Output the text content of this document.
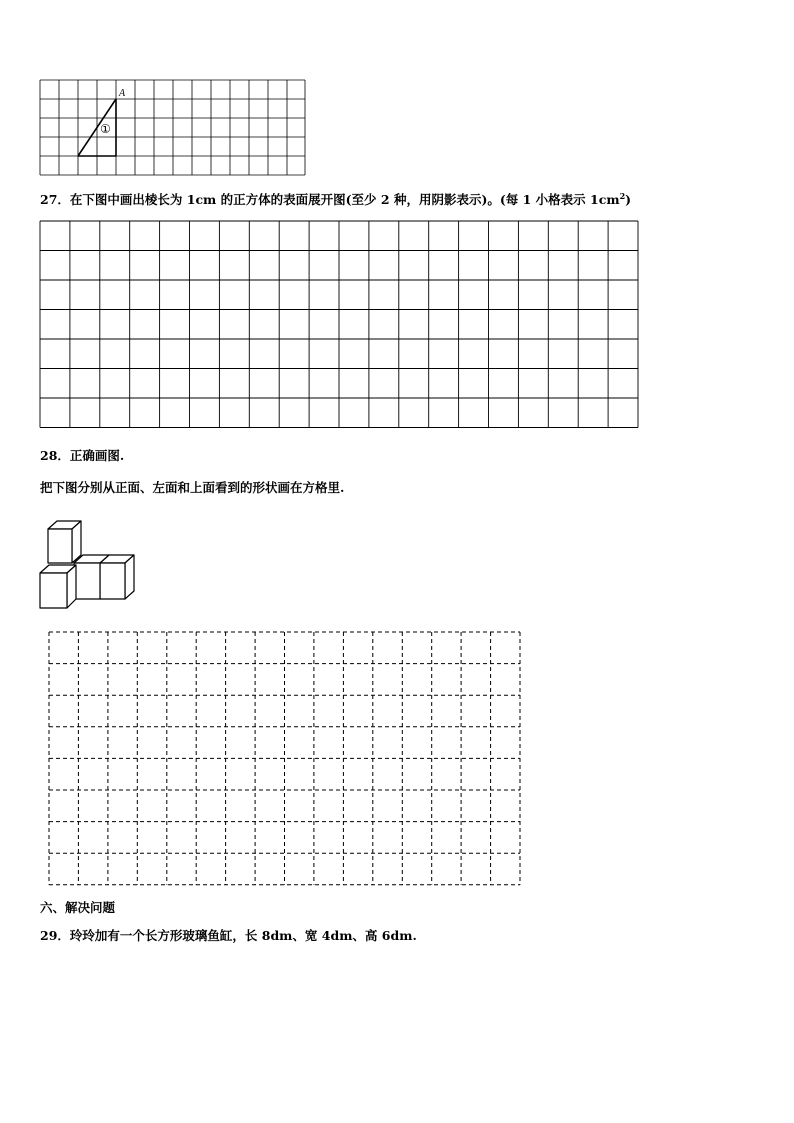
A
①
27．在下图中画出棱长为 1cm 的正方体的表面展开图(至少 2 种，用阴影表示)。(每 1 小格表示 $1cm^2$)
28．正确画图.
把下图分别从正面、左面和上面看到的形状画在方格里.
六、解决问题
29．玲玲加有一个长方形玻璃鱼缸，长 8dm、宽 4dm、高 6dm.
